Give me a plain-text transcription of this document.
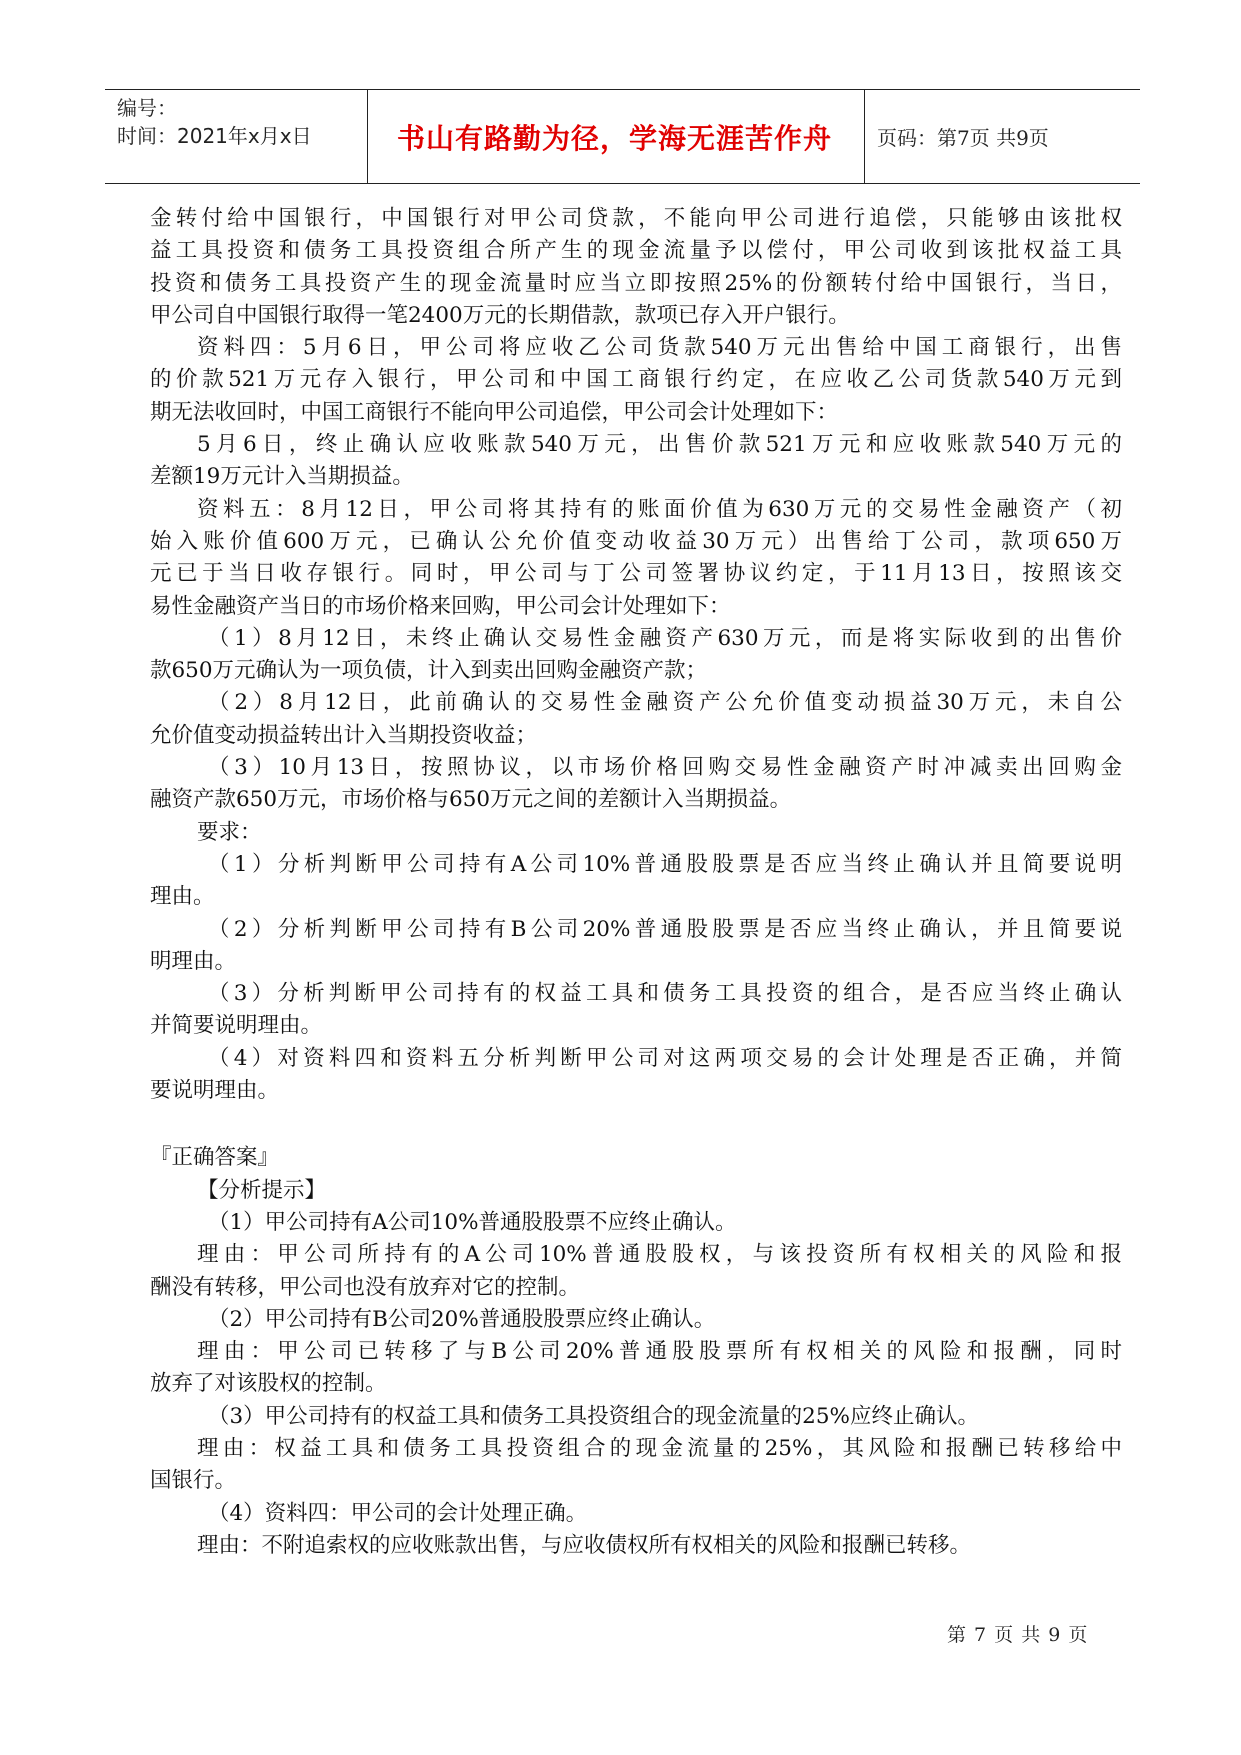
编号：
时间：2021年x月x日	书山有路勤为径，学海无涯苦作舟	页码：第7页 共9页
金转付给中国银行，中国银行对甲公司贷款，不能向甲公司进行追偿，只能够由该批权
益工具投资和债务工具投资组合所产生的现金流量予以偿付，甲公司收到该批权益工具
投资和债务工具投资产生的现金流量时应当立即按照25%的份额转付给中国银行，当日，
甲公司自中国银行取得一笔2400万元的长期借款，款项已存入开户银行。
资料四：5月6日，甲公司将应收乙公司货款540万元出售给中国工商银行，出售
的价款521万元存入银行，甲公司和中国工商银行约定，在应收乙公司货款540万元到
期无法收回时，中国工商银行不能向甲公司追偿，甲公司会计处理如下：
5月6日，终止确认应收账款540万元，出售价款521万元和应收账款540万元的
差额19万元计入当期损益。
资料五：8月12日，甲公司将其持有的账面价值为630万元的交易性金融资产（初
始入账价值600万元，已确认公允价值变动收益30万元）出售给丁公司，款项650万
元已于当日收存银行。同时，甲公司与丁公司签署协议约定，于11月13日，按照该交
易性金融资产当日的市场价格来回购，甲公司会计处理如下：
（1）8月12日，未终止确认交易性金融资产630万元，而是将实际收到的出售价
款650万元确认为一项负债，计入到卖出回购金融资产款；
（2）8月12日，此前确认的交易性金融资产公允价值变动损益30万元，未自公
允价值变动损益转出计入当期投资收益；
（3）10月13日，按照协议，以市场价格回购交易性金融资产时冲减卖出回购金
融资产款650万元，市场价格与650万元之间的差额计入当期损益。
要求：
（1）分析判断甲公司持有A公司10%普通股股票是否应当终止确认并且简要说明
理由。
（2）分析判断甲公司持有B公司20%普通股股票是否应当终止确认，并且简要说
明理由。
（3）分析判断甲公司持有的权益工具和债务工具投资的组合，是否应当终止确认
并简要说明理由。
（4）对资料四和资料五分析判断甲公司对这两项交易的会计处理是否正确，并简
要说明理由。
『正确答案』
【分析提示】
（1）甲公司持有A公司10%普通股股票不应终止确认。
理由：甲公司所持有的A公司10%普通股股权，与该投资所有权相关的风险和报
酬没有转移，甲公司也没有放弃对它的控制。
（2）甲公司持有B公司20%普通股股票应终止确认。
理由：甲公司已转移了与B公司20%普通股股票所有权相关的风险和报酬，同时
放弃了对该股权的控制。
（3）甲公司持有的权益工具和债务工具投资组合的现金流量的25%应终止确认。
理由：权益工具和债务工具投资组合的现金流量的25%，其风险和报酬已转移给中
国银行。
（4）资料四：甲公司的会计处理正确。
理由：不附追索权的应收账款出售，与应收债权所有权相关的风险和报酬已转移。
第 7 页 共 9 页
